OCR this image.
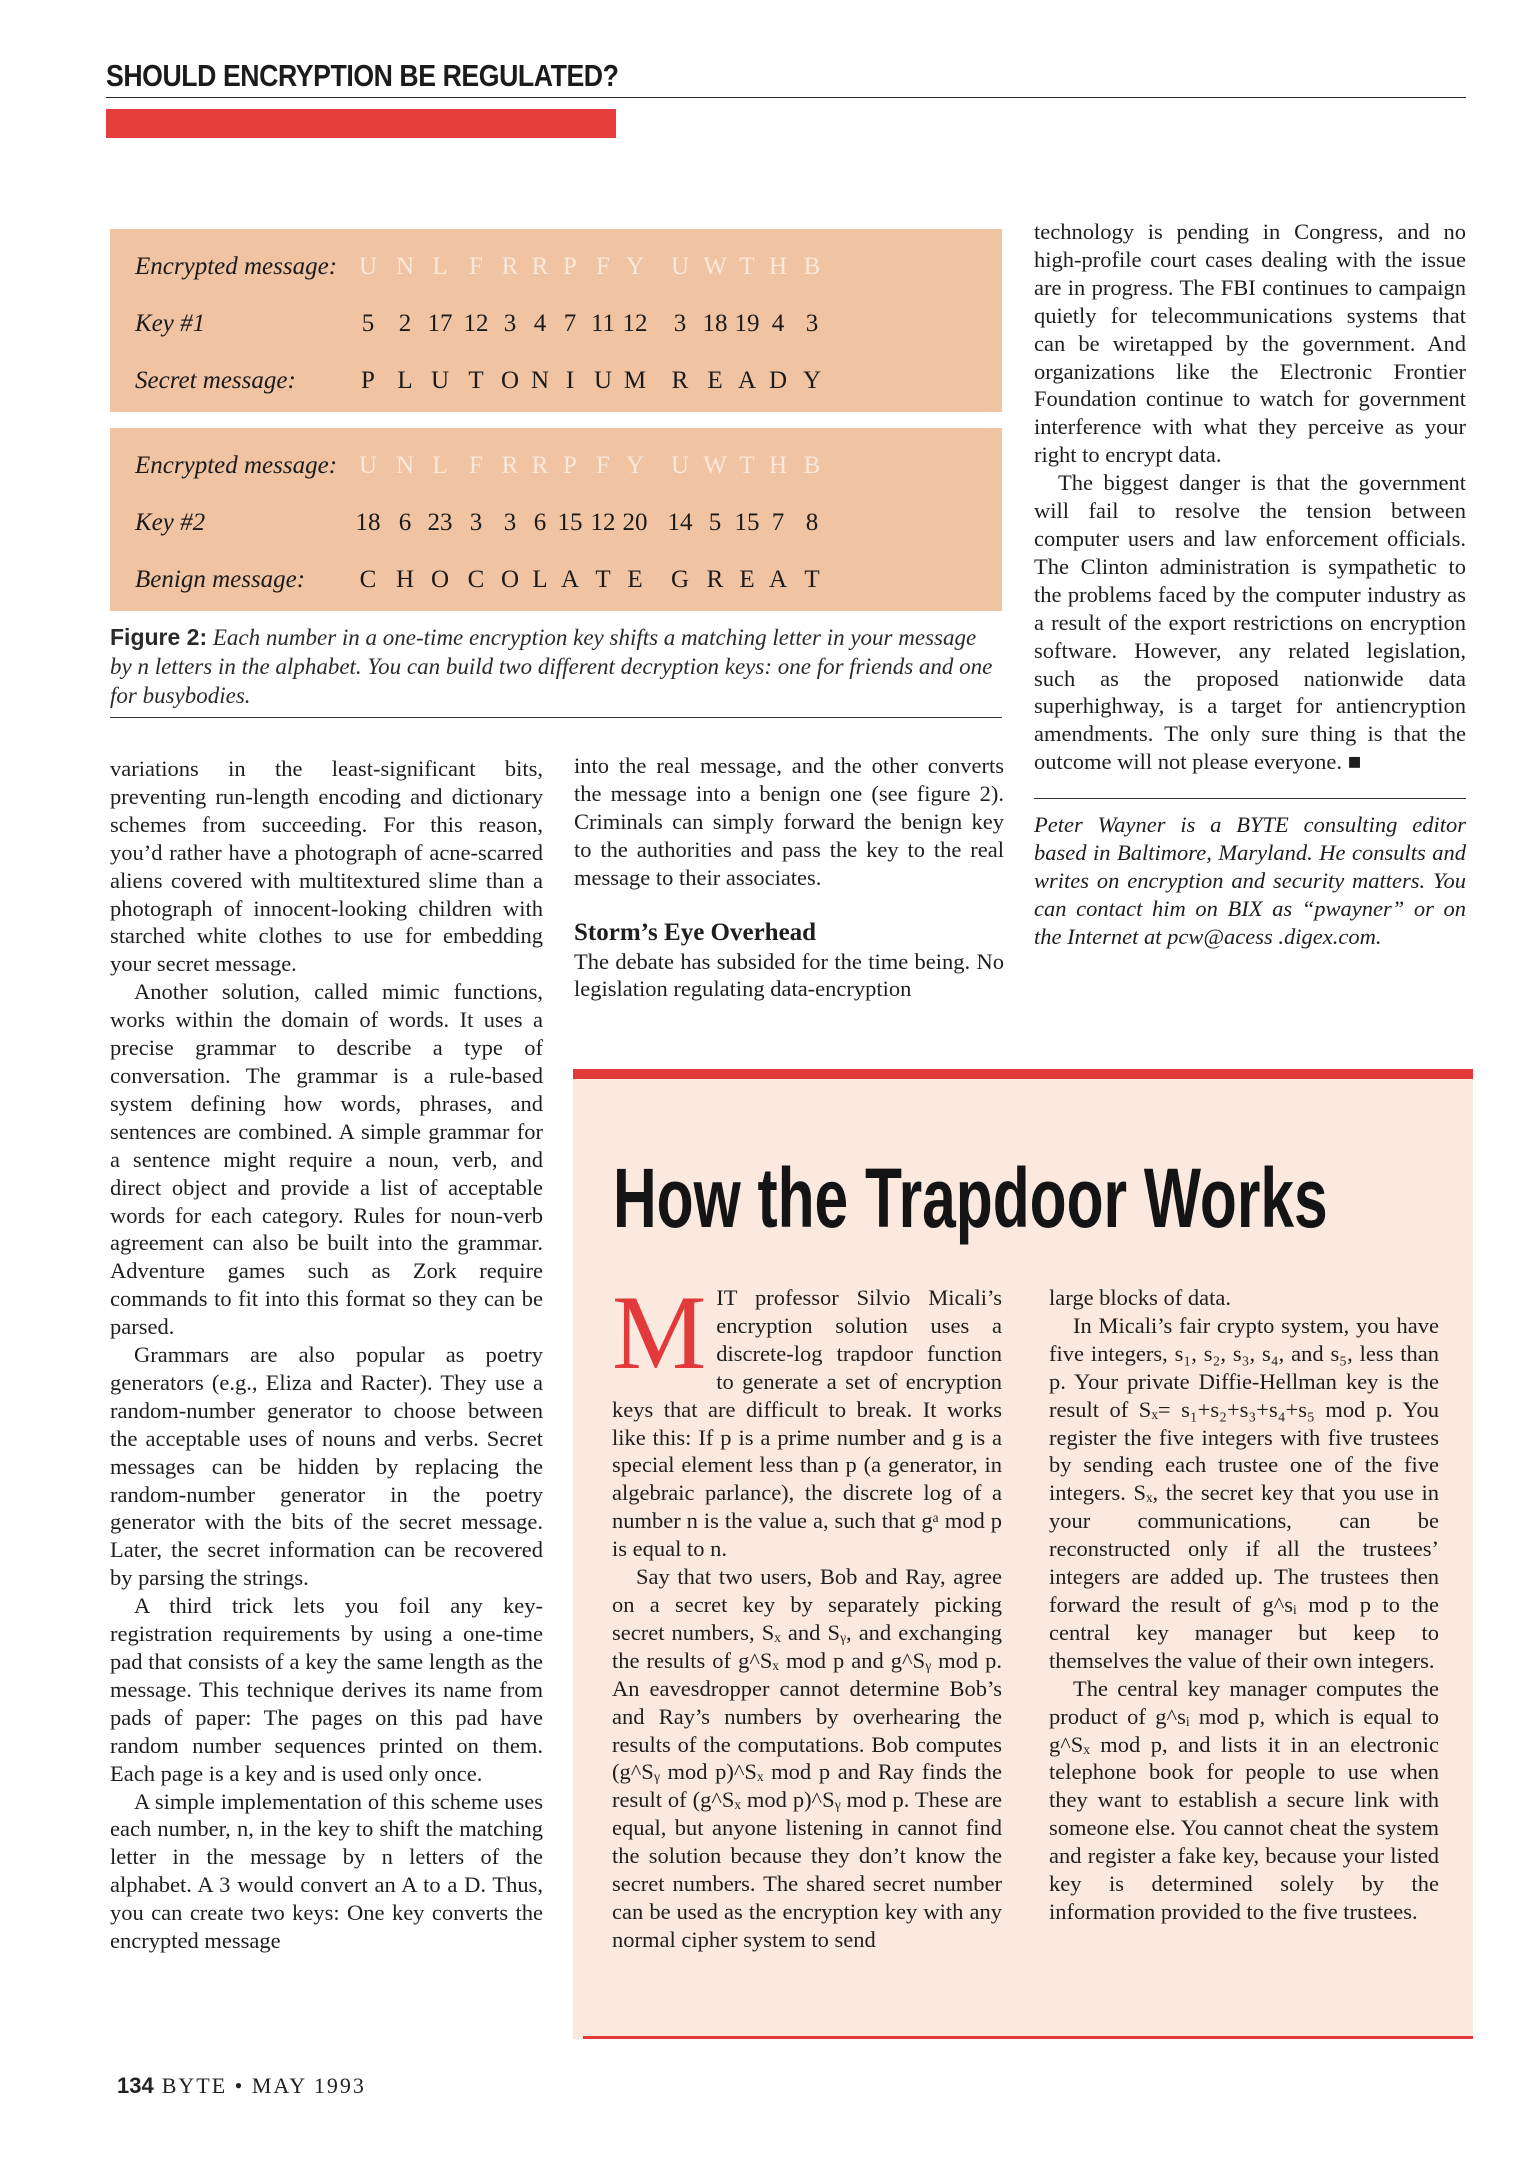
SHOULD ENCRYPTION BE REGULATED?
Encrypted message: U N L F R R P F Y U W T H B
Key #1	5 2 17 12 3 4 7 11 12 3 18 19 4 3
Secret message:	P L U T O N I U M R E A D Y
Encrypted message: U N L F R R P F Y U W T H B
Key #2	18 6 23 3 3 6 15 12 20 14 5 15 7 8
Benign message: C H O C O L A T E G R E A T
Figure 2: Each number in a one-time encryption key shifts a matching letter in your message by n letters in the alphabet. You can build two different decryption keys: one for friends and one for busybodies.

variations in the least-significant bits, preventing run-length encoding and dictionary schemes from succeeding. For this reason, you’d rather have a photograph of acne-scarred aliens covered with multitextured slime than a photograph of innocent-looking children with starched white clothes to use for embedding your secret message.

Another solution, called mimic functions, works within the domain of words. It uses a precise grammar to describe a type of conversation. The grammar is a rule-based system defining how words, phrases, and sentences are combined. A simple grammar for a sentence might require a noun, verb, and direct object and provide a list of acceptable words for each category. Rules for noun-verb agreement can also be built into the grammar. Adventure games such as Zork require commands to fit into this format so they can be parsed.

Grammars are also popular as poetry generators (e.g., Eliza and Racter). They use a random-number generator to choose between the acceptable uses of nouns and verbs. Secret messages can be hidden by replacing the random-number generator in the poetry generator with the bits of the secret message. Later, the secret information can be recovered by parsing the strings.

A third trick lets you foil any key-registration requirements by using a one-time pad that consists of a key the same length as the message. This technique derives its name from pads of paper: The pages on this pad have random number sequences printed on them. Each page is a key and is used only once.

A simple implementation of this scheme uses each number, n, in the key to shift the matching letter in the message by n letters of the alphabet. A 3 would convert an A to a D. Thus, you can create two keys: One key converts the encrypted message

into the real message, and the other converts the message into a benign one (see figure 2). Criminals can simply forward the benign key to the authorities and pass the key to the real message to their associates.

Storm’s Eye Overhead

The debate has subsided for the time being. No legislation regulating data-encryption

technology is pending in Congress, and no high-profile court cases dealing with the issue are in progress. The FBI continues to campaign quietly for telecommunications systems that can be wiretapped by the government. And organizations like the Electronic Frontier Foundation continue to watch for government interference with what they perceive as your right to encrypt data.

The biggest danger is that the government will fail to resolve the tension between computer users and law enforcement officials. The Clinton administration is sympathetic to the problems faced by the computer industry as a result of the export restrictions on encryption software. However, any related legislation, such as the proposed nationwide data superhighway, is a target for antiencryption amendments. The only sure thing is that the outcome will not please everyone. ■

Peter Wayner is a BYTE consulting editor based in Baltimore, Maryland. He consults and writes on encryption and security matters. You can contact him on BIX as “pwayner” or on the Internet at pcw@acess .digex.com.

How the Trapdoor Works

MIT professor Silvio Micali’s encryption solution uses a discrete-log trapdoor function to generate a set of encryption keys that are difficult to break. It works like this: If p is a prime number and g is a special element less than p (a generator, in algebraic parlance), the discrete log of a number n is the value a, such that gᵃ mod p is equal to n.

Say that two users, Bob and Ray, agree on a secret key by separately picking secret numbers, Sₓ and Sᵧ, and exchanging the results of g^Sₓ mod p and g^Sᵧ mod p. An eavesdropper cannot determine Bob’s and Ray’s numbers by overhearing the results of the computations. Bob computes (g^Sᵧ mod p)^Sₓ mod p and Ray finds the result of (g^Sₓ mod p)^Sᵧ mod p. These are equal, but anyone listening in cannot find the solution because they don’t know the secret numbers. The shared secret number can be used as the encryption key with any normal cipher system to send

large blocks of data.

In Micali’s fair crypto system, you have five integers, s₁, s₂, s₃, s₄, and s₅, less than p. Your private Diffie-Hellman key is the result of Sₓ= s₁+s₂+s₃+s₄+s₅ mod p. You register the five integers with five trustees by sending each trustee one of the five integers. Sₓ, the secret key that you use in your communications, can be reconstructed only if all the trustees’ integers are added up. The trustees then forward the result of g^sᵢ mod p to the central key manager but keep to themselves the value of their own integers.

The central key manager computes the product of g^sᵢ mod p, which is equal to g^Sₓ mod p, and lists it in an electronic telephone book for people to use when they want to establish a secure link with someone else. You cannot cheat the system and register a fake key, because your listed key is determined solely by the information provided to the five trustees.

134 BYTE • MAY 1993
